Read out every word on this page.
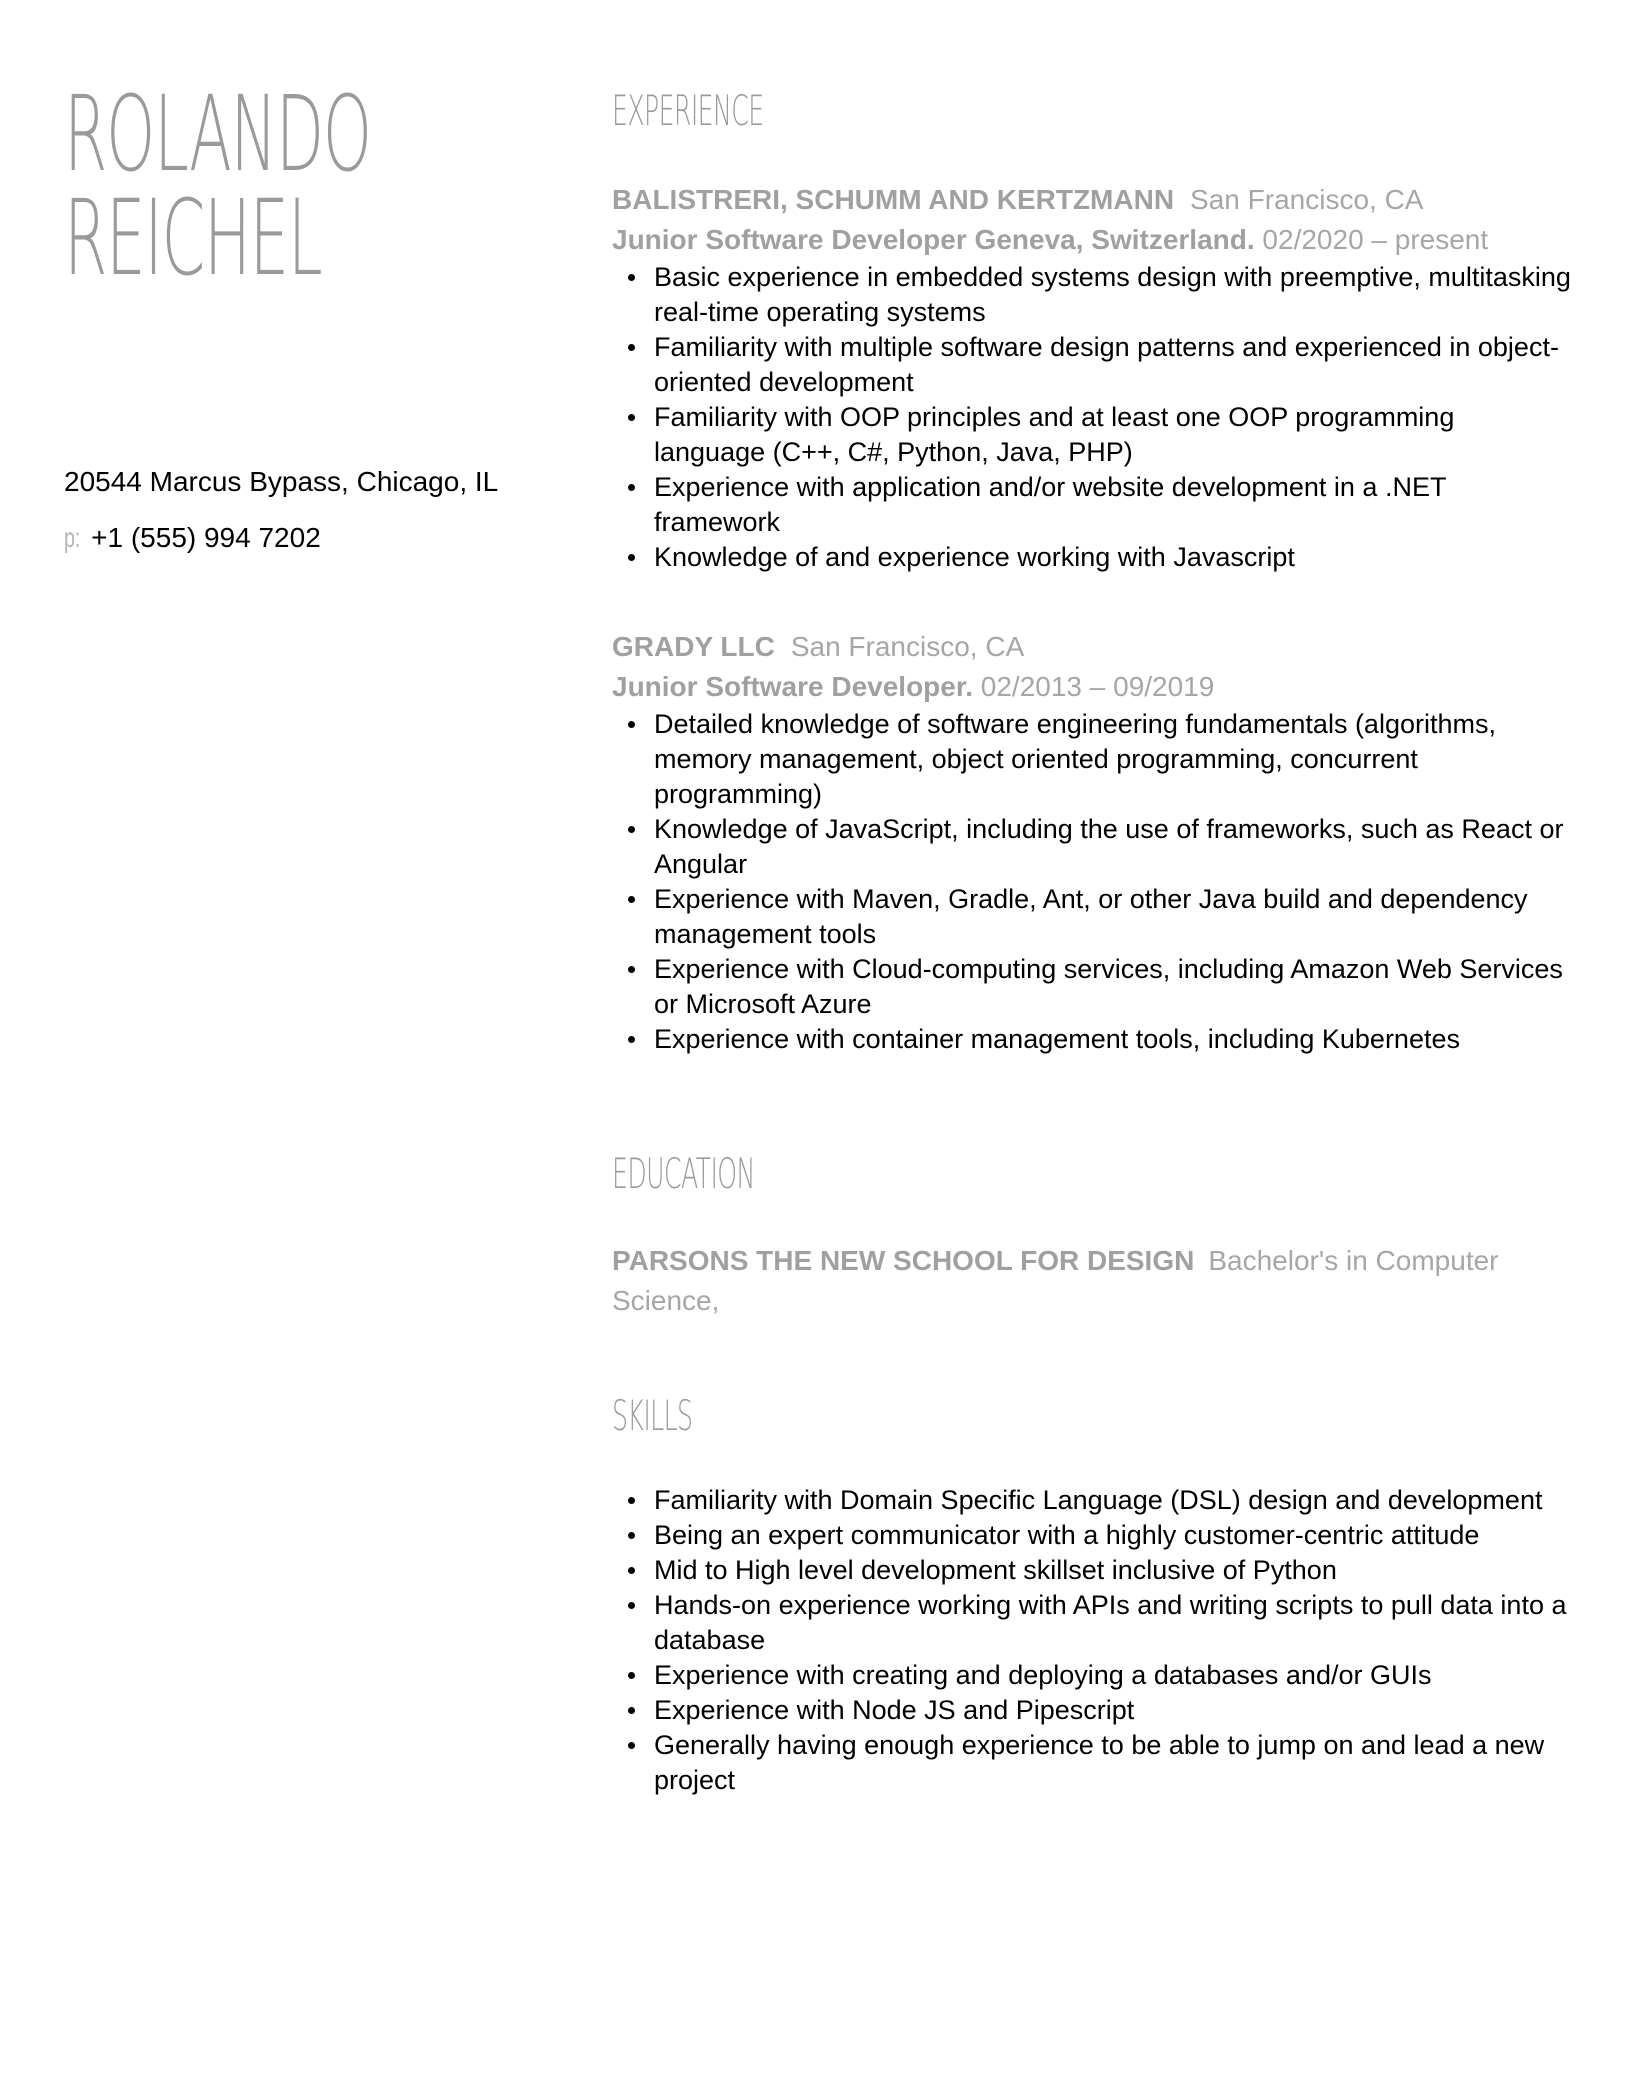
ROLANDO
REICHEL

20544 Marcus Bypass, Chicago, IL

p: +1 (555) 994 7202

EXPERIENCE

BALISTRERI, SCHUMM AND KERTZMANN San Francisco, CA

Junior Software Developer Geneva, Switzerland. 02/2020 – present

Basic experience in embedded systems design with preemptive, multitasking real-time operating systems
Familiarity with multiple software design patterns and experienced in object-oriented development
Familiarity with OOP principles and at least one OOP programming language (C++, C#, Python, Java, PHP)
Experience with application and/or website development in a .NET framework
Knowledge of and experience working with Javascript

GRADY LLC San Francisco, CA

Junior Software Developer. 02/2013 – 09/2019

Detailed knowledge of software engineering fundamentals (algorithms, memory management, object oriented programming, concurrent programming)
Knowledge of JavaScript, including the use of frameworks, such as React or Angular
Experience with Maven, Gradle, Ant, or other Java build and dependency management tools
Experience with Cloud-computing services, including Amazon Web Services or Microsoft Azure
Experience with container management tools, including Kubernetes
EDUCATION

PARSONS THE NEW SCHOOL FOR DESIGN Bachelor's in Computer Science,

SKILLS
Familiarity with Domain Specific Language (DSL) design and development
Being an expert communicator with a highly customer-centric attitude
Mid to High level development skillset inclusive of Python
Hands-on experience working with APIs and writing scripts to pull data into a database
Experience with creating and deploying a databases and/or GUIs
Experience with Node JS and Pipescript
Generally having enough experience to be able to jump on and lead a new project
